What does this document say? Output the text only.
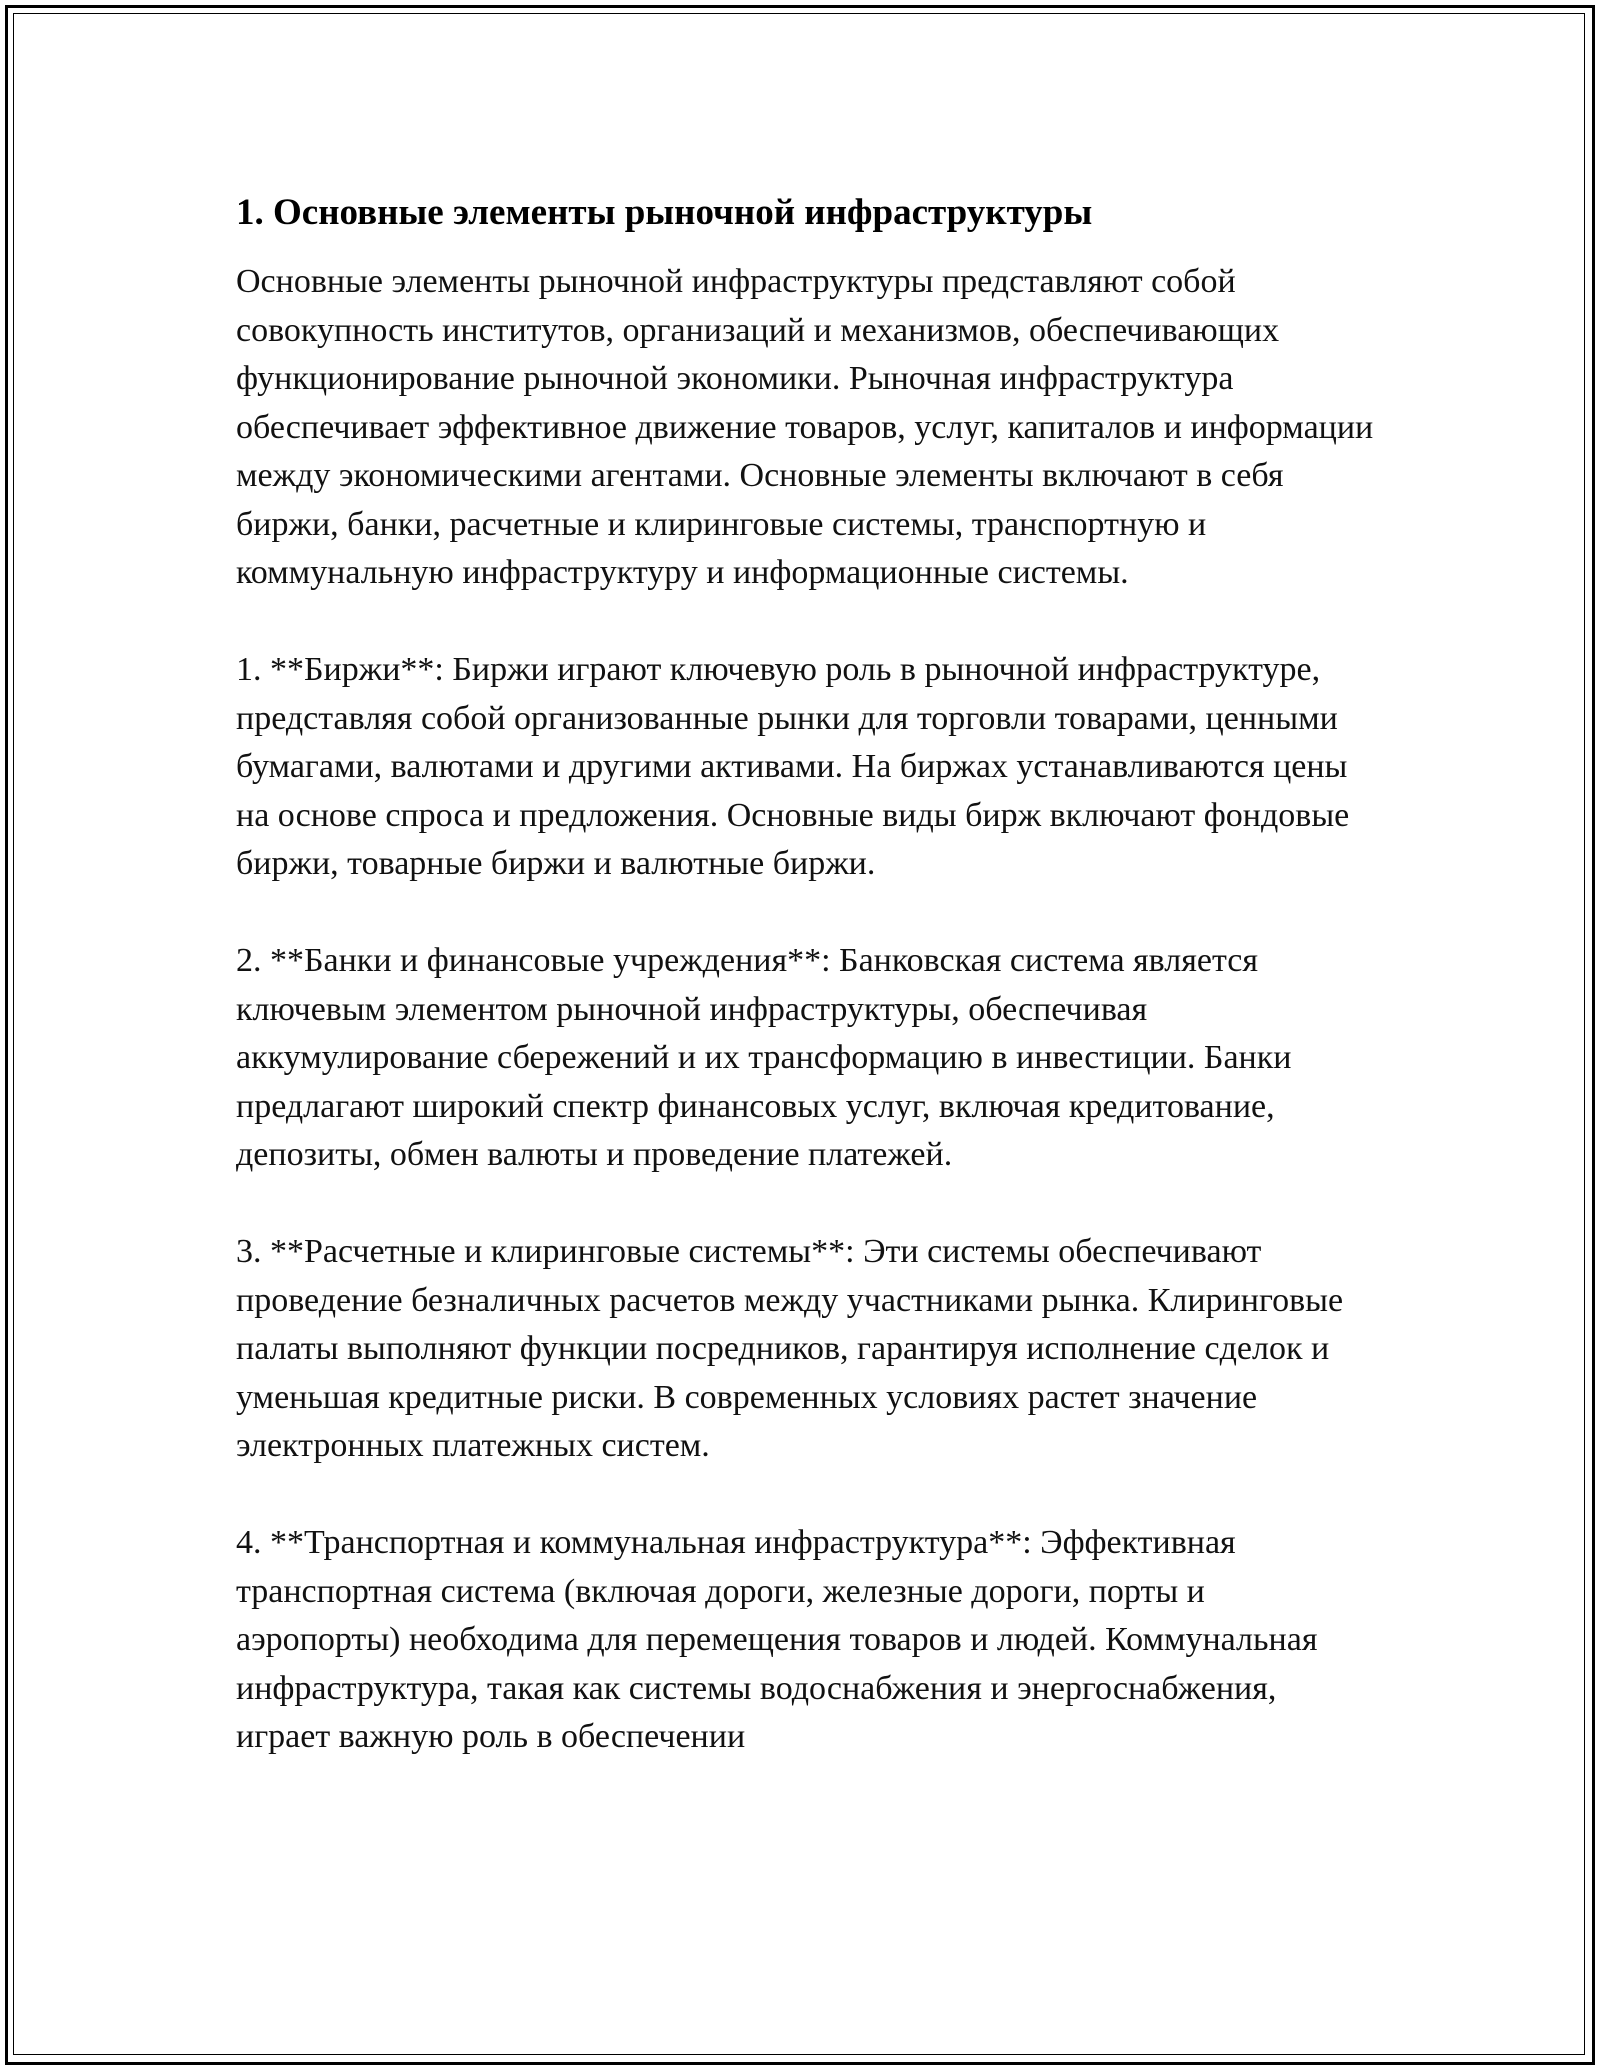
1. Основные элементы рыночной инфраструктуры

Основные элементы рыночной инфраструктуры представляют собой совокупность институтов, организаций и механизмов, обеспечивающих функционирование рыночной экономики. Рыночная инфраструктура обеспечивает эффективное движение товаров, услуг, капиталов и информации между экономическими агентами. Основные элементы включают в себя биржи, банки, расчетные и клиринговые системы, транспортную и коммунальную инфраструктуру и информационные системы.

1. **Биржи**: Биржи играют ключевую роль в рыночной инфраструктуре, представляя собой организованные рынки для торговли товарами, ценными бумагами, валютами и другими активами. На биржах устанавливаются цены на основе спроса и предложения. Основные виды бирж включают фондовые биржи, товарные биржи и валютные биржи.

2. **Банки и финансовые учреждения**: Банковская система является ключевым элементом рыночной инфраструктуры, обеспечивая аккумулирование сбережений и их трансформацию в инвестиции. Банки предлагают широкий спектр финансовых услуг, включая кредитование, депозиты, обмен валюты и проведение платежей.

3. **Расчетные и клиринговые системы**: Эти системы обеспечивают проведение безналичных расчетов между участниками рынка. Клиринговые палаты выполняют функции посредников, гарантируя исполнение сделок и уменьшая кредитные риски. В современных условиях растет значение электронных платежных систем.

4. **Транспортная и коммунальная инфраструктура**: Эффективная транспортная система (включая дороги, железные дороги, порты и аэропорты) необходима для перемещения товаров и людей. Коммунальная инфраструктура, такая как системы водоснабжения и энергоснабжения, играет важную роль в обеспечении
